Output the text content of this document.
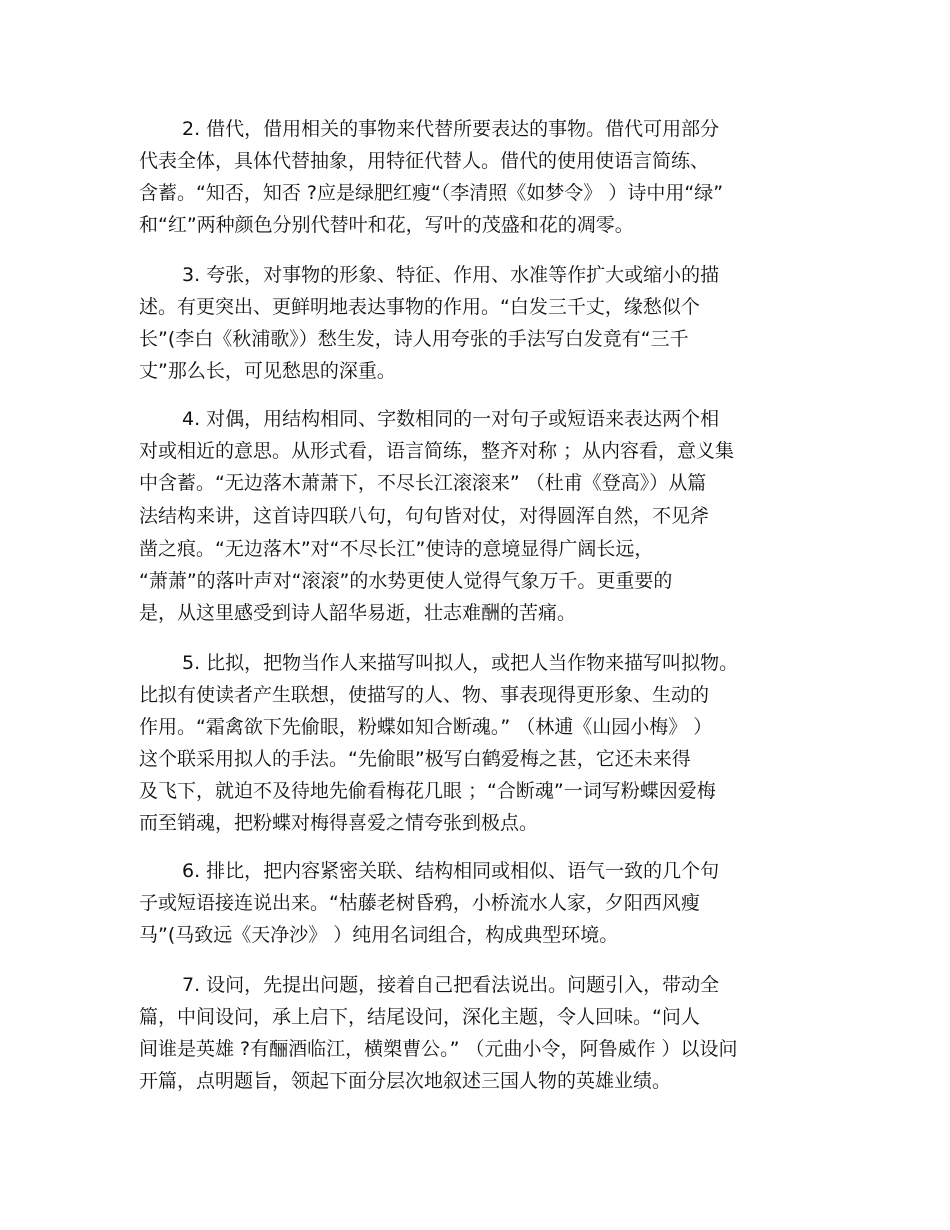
2. 借代，借用相关的事物来代替所要表达的事物。借代可用部分
代表全体，具体代替抽象，用特征代替人。借代的使用使语言简练、
含蓄。“知否，知否 ?应是绿肥红瘦“（李清照《如梦令》 ）诗中用“绿”
和“红”两种颜色分别代替叶和花，写叶的茂盛和花的凋零。
3. 夸张，对事物的形象、特征、作用、水准等作扩大或缩小的描
述。有更突出、更鲜明地表达事物的作用。“白发三千丈，缘愁似个
长”(李白《秋浦歌》）愁生发，诗人用夸张的手法写白发竟有“三千
丈”那么长，可见愁思的深重。
4. 对偶，用结构相同、字数相同的一对句子或短语来表达两个相
对或相近的意思。从形式看，语言简练，整齐对称 ；从内容看，意义集
中含蓄。“无边落木萧萧下，不尽长江滚滚来” （杜甫《登高》）从篇
法结构来讲，这首诗四联八句，句句皆对仗，对得圆浑自然，不见斧
凿之痕。“无边落木”对“不尽长江”使诗的意境显得广阔长远，
“萧萧”的落叶声对“滚滚”的水势更使人觉得气象万千。更重要的
是，从这里感受到诗人韶华易逝，壮志难酬的苦痛。
5. 比拟，把物当作人来描写叫拟人，或把人当作物来描写叫拟物。
比拟有使读者产生联想，使描写的人、物、事表现得更形象、生动的
作用。“霜禽欲下先偷眼，粉蝶如知合断魂。” （林逋《山园小梅》 ）
这个联采用拟人的手法。“先偷眼”极写白鹤爱梅之甚，它还未来得
及飞下，就迫不及待地先偷看梅花几眼 ；“合断魂”一词写粉蝶因爱梅
而至销魂，把粉蝶对梅得喜爱之情夸张到极点。
6. 排比，把内容紧密关联、结构相同或相似、语气一致的几个句
子或短语接连说出来。“枯藤老树昏鸦，小桥流水人家，夕阳西风瘦
马”(马致远《天净沙》 ）纯用名词组合，构成典型环境。
7. 设问，先提出问题，接着自己把看法说出。问题引入，带动全
篇，中间设问，承上启下，结尾设问，深化主题，令人回味。“问人
间谁是英雄 ?有酾酒临江，横槊曹公。” （元曲小令，阿鲁威作 ）以设问
开篇，点明题旨，领起下面分层次地叙述三国人物的英雄业绩。
